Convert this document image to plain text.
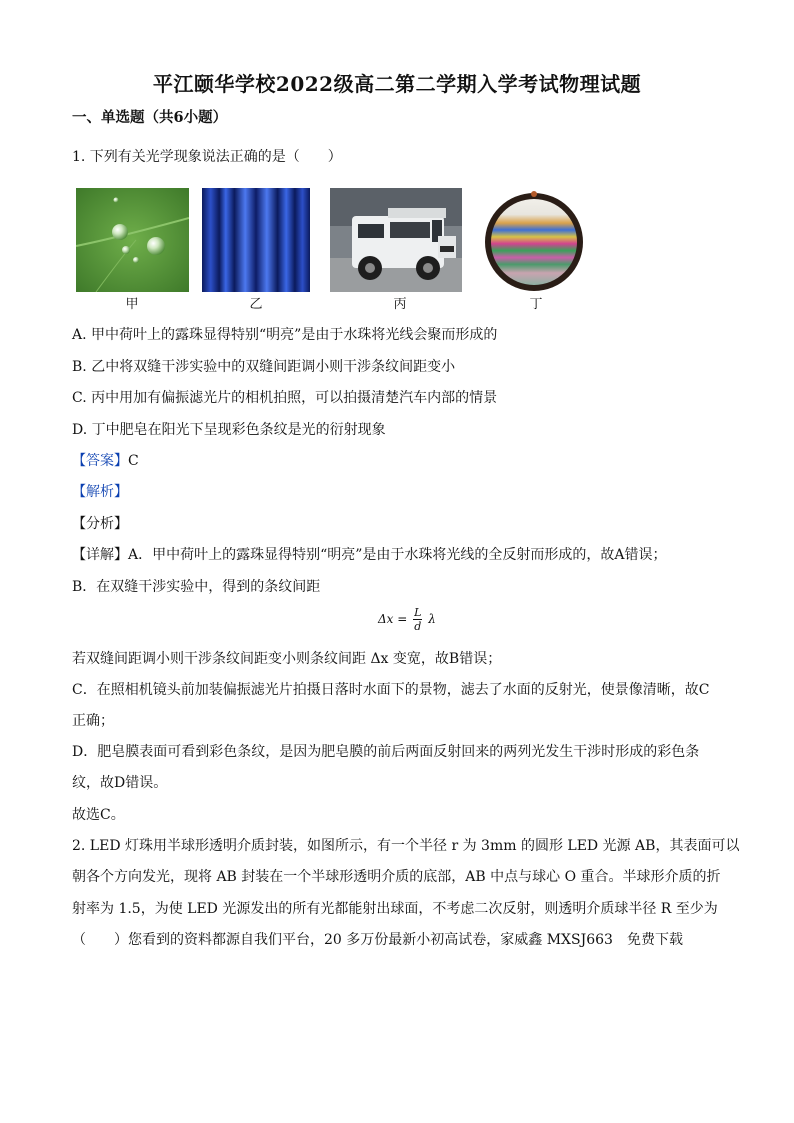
平江颐华学校2022级高二第二学期入学考试物理试题
一、单选题（共6小题）
1. 下列有关光学现象说法正确的是（　　）
甲	乙	丙	丁
A. 甲中荷叶上的露珠显得特别“明亮”是由于水珠将光线会聚而形成的
B. 乙中将双缝干涉实验中的双缝间距调小则干涉条纹间距变小
C. 丙中用加有偏振滤光片的相机拍照，可以拍摄清楚汽车内部的情景
D. 丁中肥皂在阳光下呈现彩色条纹是光的衍射现象
【答案】C
【解析】
【分析】
【详解】A．甲中荷叶上的露珠显得特别“明亮”是由于水珠将光线的全反射而形成的，故A错误；
B．在双缝干涉实验中，得到的条纹间距
$\Delta x = \frac{L}{d}$ λ
若双缝间距调小则干涉条纹间距变小则条纹间距 Δx 变宽，故B错误；
C．在照相机镜头前加装偏振滤光片拍摄日落时水面下的景物，滤去了水面的反射光，使景像清晰，故C
正确；
D．肥皂膜表面可看到彩色条纹，是因为肥皂膜的前后两面反射回来的两列光发生干涉时形成的彩色条
纹，故D错误。
故选C。
2. LED 灯珠用半球形透明介质封装，如图所示，有一个半径 r 为 3mm 的圆形 LED 光源 AB，其表面可以
朝各个方向发光，现将 AB 封装在一个半球形透明介质的底部，AB 中点与球心 O 重合。半球形介质的折
射率为 1.5，为使 LED 光源发出的所有光都能射出球面，不考虑二次反射，则透明介质球半径 R 至少为
（　　）您看到的资料都源自我们平台，20 多万份最新小初高试卷，家威鑫 MXSJ663　免费下载
